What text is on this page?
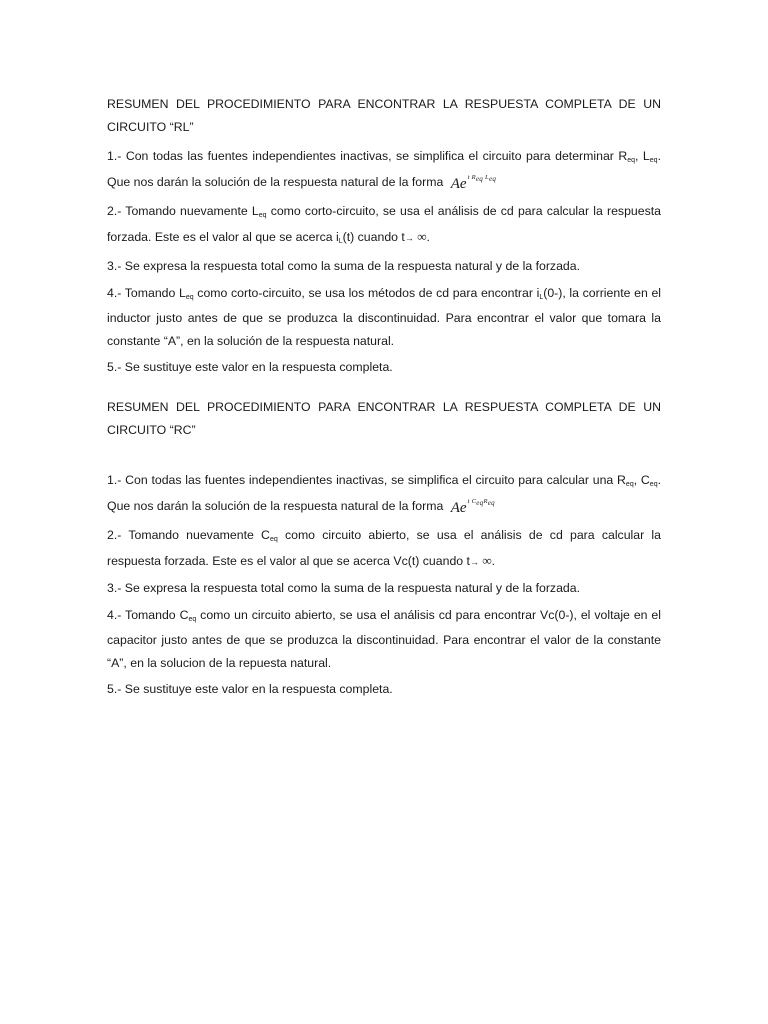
RESUMEN DEL PROCEDIMIENTO PARA ENCONTRAR LA RESPUESTA COMPLETA DE UN CIRCUITO “RL”

1.- Con todas las fuentes independientes inactivas, se simplifica el circuito para determinar $R_{eq}$, $L_{eq}$. Que nos darán la solución de la respuesta natural de la forma $Ae^{t R_{eq} L_{eq}}$

2.- Tomando nuevamente $L_{eq}$ como corto-circuito, se usa el análisis de cd para calcular la respuesta forzada. Este es el valor al que se acerca $i_L(t)$ cuando t→ ∞.

3.- Se expresa la respuesta total como la suma de la respuesta natural y de la forzada.

4.- Tomando $L_{eq}$ como corto-circuito, se usa los métodos de cd para encontrar $i_L(0-)$, la corriente en el inductor justo antes de que se produzca la discontinuidad. Para encontrar el valor que tomara la constante “A”, en la solución de la respuesta natural.

5.- Se sustituye este valor en la respuesta completa.

RESUMEN DEL PROCEDIMIENTO PARA ENCONTRAR LA RESPUESTA COMPLETA DE UN CIRCUITO “RC”

1.- Con todas las fuentes independientes inactivas, se simplifica el circuito para calcular una $R_{eq}$, $C_{eq}$. Que nos darán la solución de la respuesta natural de la forma $Ae^{t C_{eq}R_{eq}}$

2.- Tomando nuevamente $C_{eq}$ como circuito abierto, se usa el análisis de cd para calcular la respuesta forzada. Este es el valor al que se acerca Vc(t) cuando t→ ∞.

3.- Se expresa la respuesta total como la suma de la respuesta natural y de la forzada.

4.- Tomando $C_{eq}$ como un circuito abierto, se usa el análisis cd para encontrar Vc(0-), el voltaje en el capacitor justo antes de que se produzca la discontinuidad. Para encontrar el valor de la constante “A”, en la solucion de la repuesta natural.

5.- Se sustituye este valor en la respuesta completa.
